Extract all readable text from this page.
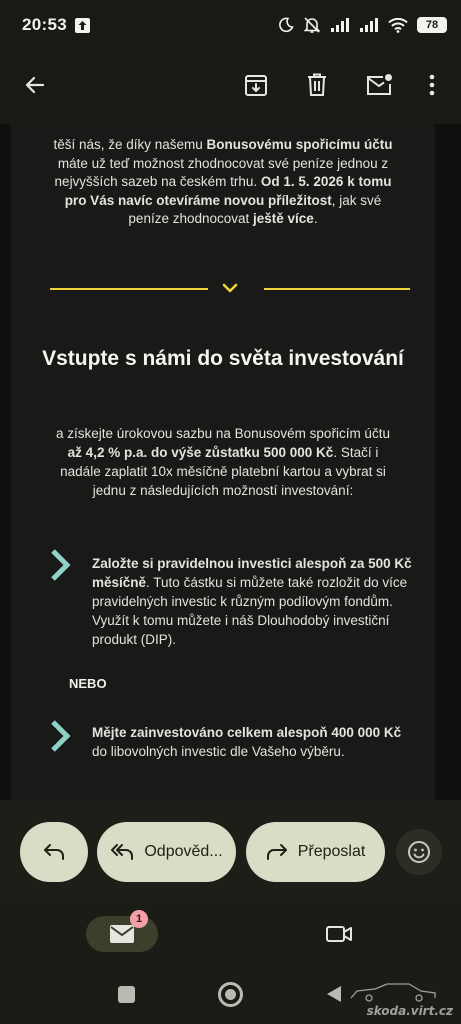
20:53	78

těší nás, že díky našemu Bonusovému spořicímu účtu máte už teď možnost zhodnocovat své peníze jednou z nejvyšších sazeb na českém trhu. Od 1. 5. 2026 k tomu pro Vás navíc otevíráme novou příležitost, jak své peníze zhodnocovat ještě více.

Vstupte s námi do světa investování

a získejte úrokovou sazbu na Bonusovém spořicím účtu až 4,2 % p.a. do výše zůstatku 500 000 Kč. Stačí i nadále zaplatit 10x měsíčně platební kartou a vybrat si jednu z následujících možností investování:

Založte si pravidelnou investici alespoň za 500 Kč měsíčně. Tuto částku si můžete také rozložit do více pravidelných investic k různým podílovým fondům. Využít k tomu můžete i náš Dlouhodobý investiční produkt (DIP).

NEBO

Mějte zainvestováno celkem alespoň 400 000 Kč do libovolných investic dle Vašeho výběru.

Odpověd...	Přeposlat
1
skoda.virt.cz
